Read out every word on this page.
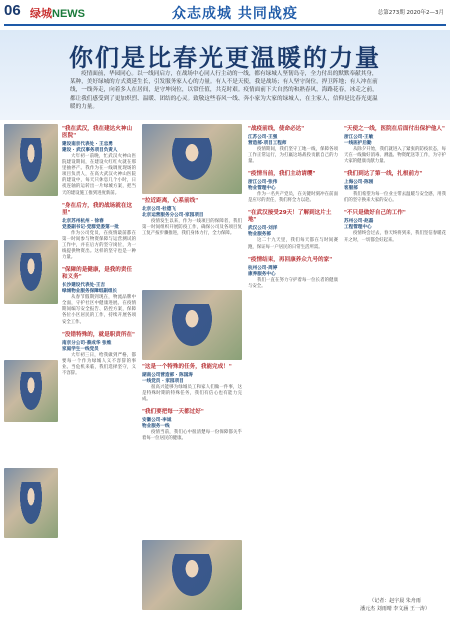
06 绿城NEWS	众志成城 共同战疫	总第273期 2020年2—3月
你们是比春光更温暖的力量
疫情面前，华园同心。以一线同启方，在战场中心同人行主动的一线，都有绿城人坚韧岛寺，全力付出的默默奉献其身，某种，美好绿城的方式奠延生长，引发服务家人心的力量。有人不是天使，我是战场；有人坚守岗位，捍卫阵地；有人冲在前线，一线奔走，向着多人在居间，是守坤岗位，以常任值，共克时艰。疫情面前下大自然的和熟春风，海路花春，冰走之前，都让我们感受到了更加炽烈、温暖、团结的心灵。致敬这些春风一线、奔小家为大家的绿城人，在主家人，信仰是比春光更温暖的力量。
"我在武汉，我在建达火神山医院"
建设南京代表处 · 王忠勇
建设 · 武汉事务项目负责人
大年初一前晚，忙武汉火神山医院建设期间，在建设火红红火就在那里抽停产。我作为在一线调度现场的项目负责人，在高大武汉火神山医院的建设中，每天只休息几个小时，日夜连轴的运转出一片绿城方案，把当天的建设施工推到进度新前。
"身在后方，我的战场就在这里"
北京苏州杭州 · 徐春
党委副书记·党群党委第一批
作为公司党员，在疫情最前都在第一时间参与物资保障与运营测试的工作中，并在后方的坚守岗位，为一线提供物资出。这样的坚守也是一种力量。
"保障的是健康，是我的责任和义务"
长沙建设代表处·王吉
绿城物业服务保障组副组长
从春节假期到现在，物流品牌中全面，守护社区中健康进展。在疫情期间编写安全报告、防控方案，保障各位小区居民的工作，持续开展各项安全工作。
"没错特殊的，就是职责所在"
南京分公司·蔡成华 张维
家庭学生一线党员
大年初三日，给我做到严格，都要每一个作为绿城人义不容辞的事业。当危机来临，我们选择坚守，义不容辞。
"拉近距离，心系前线"
北京公司·杜德飞
北京运营服务分公司·家园项目
疫情发生以来，作为一线项目的保障者，我们第一时间组织开展防疫工作，确保公司及各项目复工复产按步骤推进，我们身体力行，全力保障。
"这是一个特殊的任务，我能完成！"
湖南公司营造部 · 陈国涛
一线党员 · 家园项目
很高兴能够为绿城员工和家人们做一件事，这是特殊时期的特殊任务，我们有信心也有能力完成。
"我们要把每一天都过好"
安徽公司·李诚
物业服务一线
疫情当前，我们心中很清楚每一份保障都关乎着每一位居民的健康。
"战疫前线，使命必达"
江苏公司·王强
营造部·项目工程师
疫情期间，我们坚守工地一线，保障各项工作正常运行，为打赢这场战役贡献自己的力量。
"疫情当前，我们主动请缨"
浙江公司·张伟
物业管理中心
作为一名共产党员，在关键时刻冲在前面是应尽的责任，我们将全力以赴。
"在武汉接受29天！了解到这片土地"
武汉公司·刘洋
物业服务部
这二十九天里，我们每天都在与时间赛跑，保证每一户居民的日常生活所需。
"疫情结束，再回康养众九号的家"
杭州公司·周婷
康养服务中心
我们一直在努力守护着每一位长者的健康与安全。
"天使之一线，医院在后面付出保护他人"
浙江公司·王敏
一线医护后勤
从除夕开始，我们就进入了紧张的防疫状态，每天在一线做好消毒、测温、物资配送等工作，为守护大家的健康贡献力量。
"我们到达了第一线，扎根前方"
上海公司·陈刚
客服部
我们希望为每一位业主带去温暖与安全感，用我们的坚守换来大家的安心。
"不只是做好自己的工作"
苏州公司·赵磊
工程管理中心
疫情终会过去，春天终将到来，我们坚信春暖花开之时，一切都会好起来。
（记者：赵宇晨 朱舟雨
潘元杰 刘雨晴 李文涵 王一涛）
